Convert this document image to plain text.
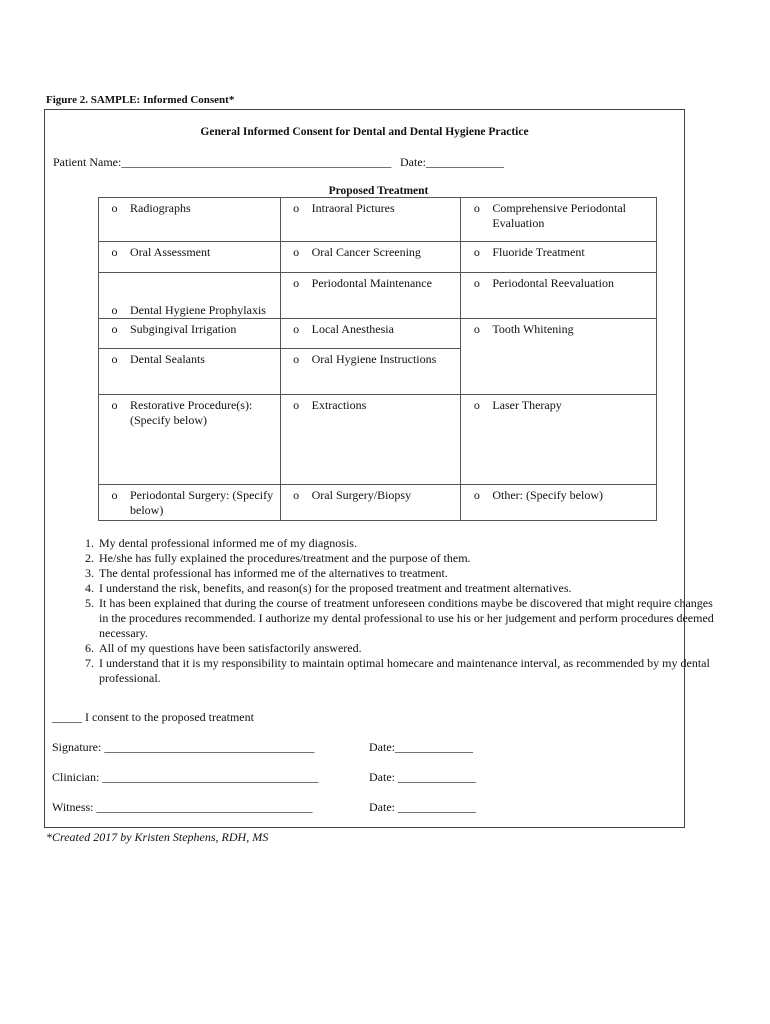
Figure 2. SAMPLE: Informed Consent*
General Informed Consent for Dental and Dental Hygiene Practice
Patient Name:_____________________________________________ Date:_____________
Proposed Treatment
o Radiographs	o Intraoral Pictures	o Comprehensive Periodontal Evaluation

o Oral Assessment	o Oral Cancer Screening	o Fluoride Treatment

o Dental Hygiene Prophylaxis	o Periodontal Maintenance	o Periodontal Reevaluation

o Subgingival Irrigation	o Local Anesthesia	o Tooth Whitening

o Dental Sealants	o Oral Hygiene Instructions	

o Restorative Procedure(s): (Specify below)	o Extractions	o Laser Therapy

o Periodontal Surgery: (Specify below)	o Oral Surgery/Biopsy	o Other: (Specify below)
1. My dental professional informed me of my diagnosis.
2. He/she has fully explained the procedures/treatment and the purpose of them.
3. The dental professional has informed me of the alternatives to treatment.
4. I understand the risk, benefits, and reason(s) for the proposed treatment and treatment alternatives.
5. It has been explained that during the course of treatment unforeseen conditions maybe be discovered that might require changes in the procedures recommended. I authorize my dental professional to use his or her judgement and perform procedures deemed necessary.
6. All of my questions have been satisfactorily answered.
7. I understand that it is my responsibility to maintain optimal homecare and maintenance interval, as recommended by my dental professional.
_____ I consent to the proposed treatment
Signature: ___________________________________	Date:_____________
Clinician: ____________________________________	Date: _____________
Witness: ____________________________________	Date: _____________
*Created 2017 by Kristen Stephens, RDH, MS
